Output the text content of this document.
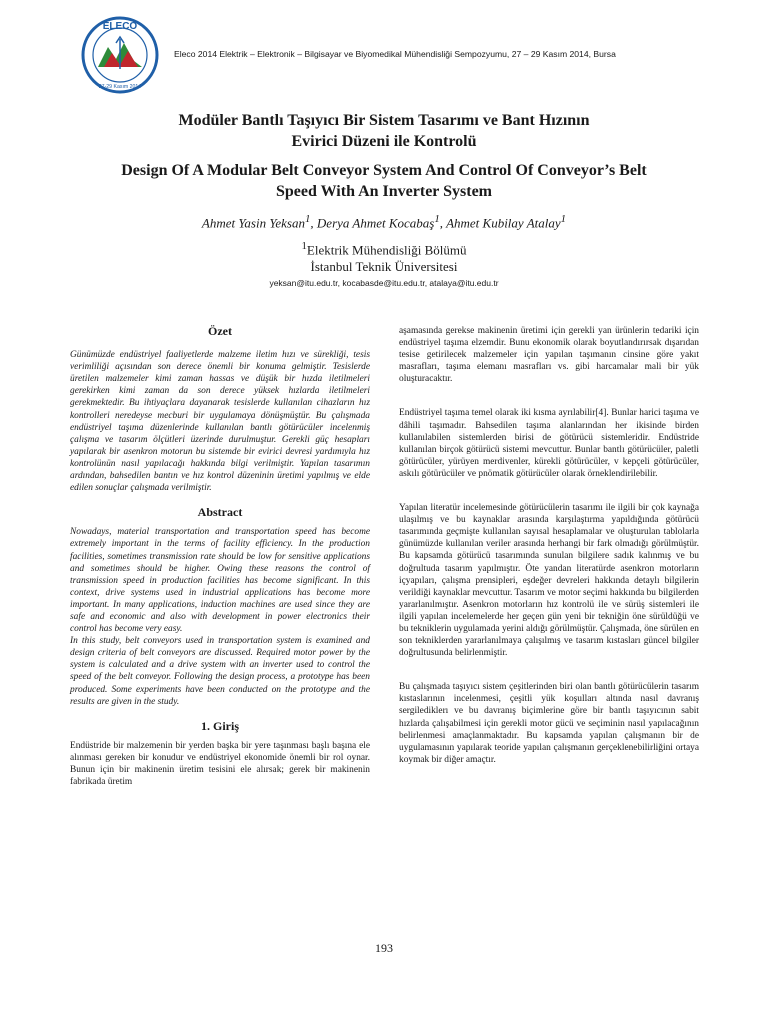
ELECO
27-29 Kasım 2014
Eleco 2014 Elektrik – Elektronik – Bilgisayar ve Biyomedikal Mühendisliği Sempozyumu, 27 – 29 Kasım 2014, Bursa
Modüler Bantlı Taşıyıcı Bir Sistem Tasarımı ve Bant Hızının
Evirici Düzeni ile Kontrolü
Design Of A Modular Belt Conveyor System And Control Of Conveyor’s Belt
Speed With An Inverter System
Ahmet Yasin Yeksan$^1$, Derya Ahmet Kocabaş$^1$, Ahmet Kubilay Atalay$^1$
$^1$Elektrik Mühendisliği Bölümü
İstanbul Teknik Üniversitesi
yeksan@itu.edu.tr, kocabasde@itu.edu.tr, atalaya@itu.edu.tr
Özet
Günümüzde endüstriyel faaliyetlerde malzeme iletim hızı ve sürekliği, tesis verimliliği açısından son derece önemli bir konuma gelmiştir. Tesislerde üretilen malzemeler kimi zaman hassas ve düşük bir hızda iletilmeleri gerekirken kimi zaman da son derece yüksek hızlarda iletilmeleri gerekmektedir. Bu ihtiyaçlara dayanarak tesislerde kullanılan cihazların hız kontrolleri neredeyse mecburi bir uygulamaya dönüşmüştür. Bu çalışmada endüstriyel taşıma düzenlerinde kullanılan bantlı götürücüler incelenmiş çalışma ve tasarım ölçütleri üzerinde durulmuştur. Gerekli güç hesapları yapılarak bir asenkron motorun bu sistemde bir evirici devresi yardımıyla hız kontrolünün nasıl yapılacağı hakkında bilgi verilmiştir. Yapılan tasarımın ardından, bahsedilen bantın ve hız kontrol düzeninin üretimi yapılmış ve elde edilen sonuçlar çalışmada verilmiştir.
Abstract
Nowadays, material transportation and transportation speed has become extremely important in the terms of facility efficiency. In the production facilities, sometimes transmission rate should be low for sensitive applications and sometimes should be higher. Owing these reasons the control of transmission speed in production facilities has become significant. In this context, drive systems used in industrial applications has become more important. In many applications, induction machines are used since they are safe and economic and also with development in power electronics their control has become very easy.
In this study, belt conveyors used in transportation system is examined and design criteria of belt conveyors are discussed. Required motor power by the system is calculated and a drive system with an inverter used to control the speed of the belt conveyor. Following the design process, a prototype has been produced. Some experiments have been conducted on the prototype and the results are given in the study.
1. Giriş
Endüstride bir malzemenin bir yerden başka bir yere taşınması başlı başına ele alınması gereken bir konudur ve endüstriyel ekonomide önemli bir rol oynar. Bunun için bir makinenin üretim tesisini ele alırsak; gerek bir makinenin fabrikada üretim
aşamasında gerekse makinenin üretimi için gerekli yan ürünlerin tedariki için endüstriyel taşıma elzemdir. Bunu ekonomik olarak boyutlandırırsak dışarıdan tesise getirilecek malzemeler için yapılan taşımanın cinsine göre yakıt masrafları, taşıma elemanı masrafları vs. gibi harcamalar mali bir yük oluşturacaktır.
Endüstriyel taşıma temel olarak iki kısma ayrılabilir[4]. Bunlar harici taşıma ve dâhili taşımadır. Bahsedilen taşıma alanlarından her ikisinde birden kullanılabilen sistemlerden birisi de götürücü sistemleridir. Endüstride kullanılan birçok götürücü sistemi mevcuttur. Bunlar bantlı götürücüler, paletli götürücüler, yürüyen merdivenler, kürekli götürücüler, v kepçeli götürücüler, askılı götürücüler ve pnömatik götürücüler olarak örneklendirilebilir.
Yapılan literatür incelemesinde götürücülerin tasarımı ile ilgili bir çok kaynağa ulaşılmış ve bu kaynaklar arasında karşılaştırma yapıldığında götürücü tasarımında geçmişte kullanılan sayısal hesaplamalar ve oluşturulan tablolarla günümüzde kullanılan veriler arasında herhangi bir fark olmadığı görülmüştür. Bu kapsamda götürücü tasarımında sunulan bilgilere sadık kalınmış ve bu doğrultuda tasarım yapılmıştır. Öte yandan literatürde asenkron motorların içyapıları, çalışma prensipleri, eşdeğer devreleri hakkında detaylı bilgilerin verildiği kaynaklar mevcuttur. Tasarım ve motor seçimi hakkında bu bilgilerden yararlanılmıştır. Asenkron motorların hız kontrolü ile ve sürüş sistemleri ile ilgili yapılan incelemelerde her geçen gün yeni bir tekniğin öne sürüldüğü ve bu tekniklerin uygulamada yerini aldığı görülmüştür. Çalışmada, öne sürülen en son tekniklerden yararlanılmaya çalışılmış ve tasarım kıstasları güncel bilgiler doğrultusunda belirlenmiştir.
Bu çalışmada taşıyıcı sistem çeşitlerinden biri olan bantlı götürücülerin tasarım kıstaslarının incelenmesi, çeşitli yük koşulları altında nasıl davranış sergilediklerı ve bu davranış biçimlerine göre bir bantlı taşıyıcının sabit hızlarda çalışabilmesi için gerekli motor gücü ve seçiminin nasıl yapılacağının belirlenmesi amaçlanmaktadır. Bu kapsamda yapılan çalışmanın bir de uygulamasının yapılarak teoride yapılan çalışmanın gerçeklenebilirliğini ortaya koymak bir diğer amaçtır.
193
